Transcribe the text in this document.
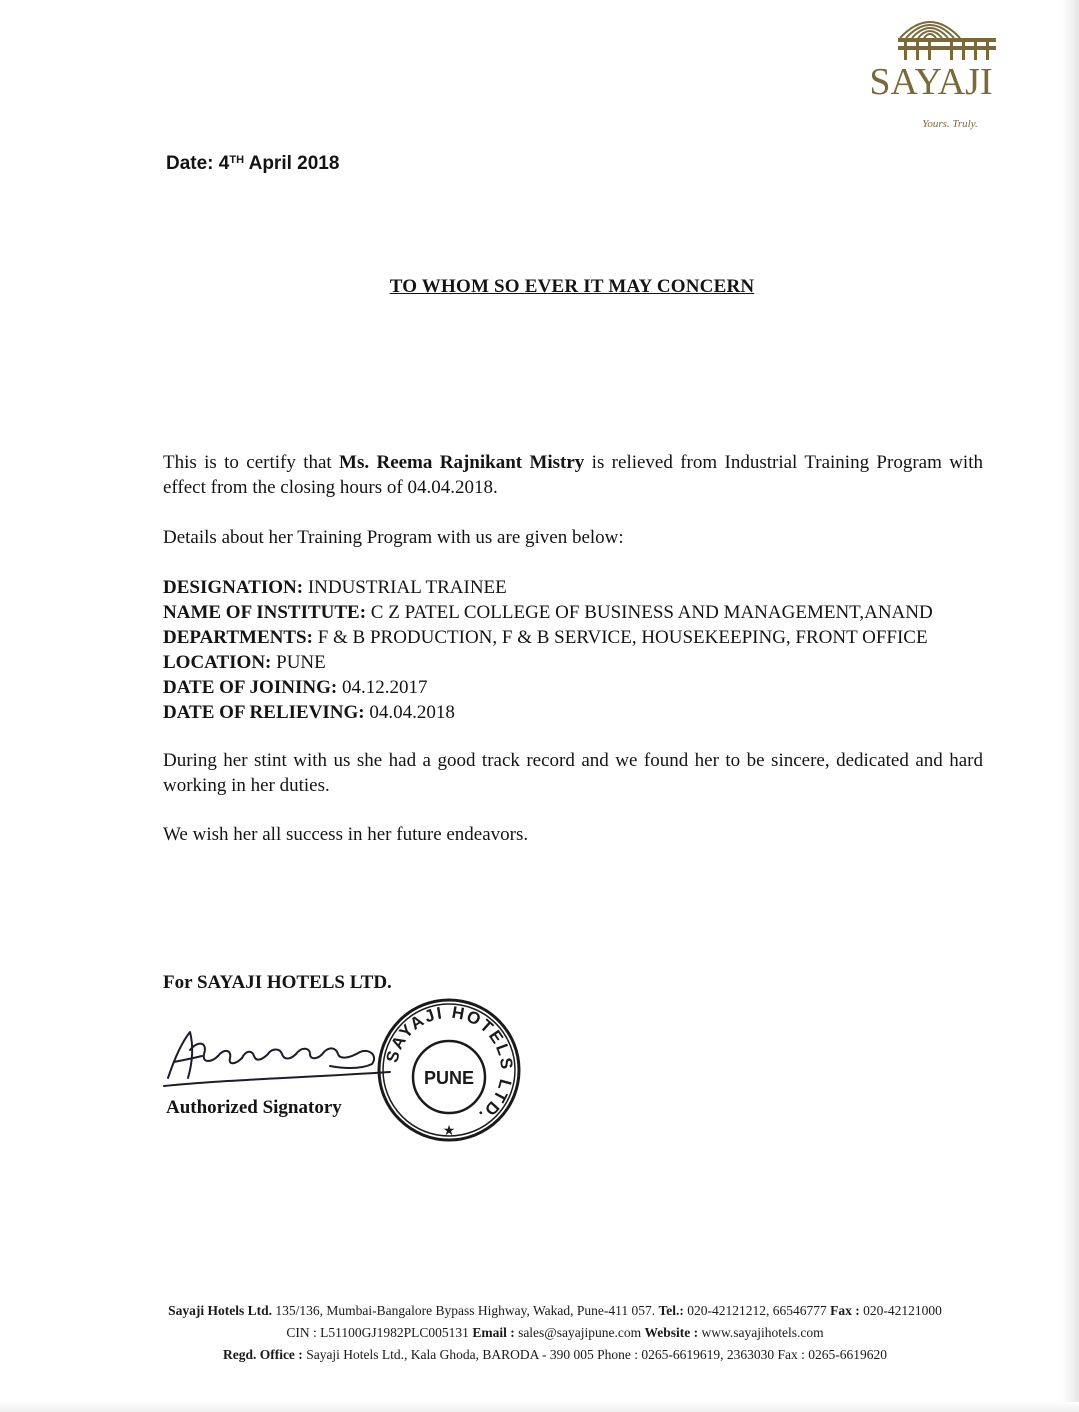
SAYAJI
Yours. Truly.
Date: 4TH April 2018
TO WHOM SO EVER IT MAY CONCERN
This is to certify that Ms. Reema Rajnikant Mistry is relieved from Industrial Training Program with effect from the closing hours of 04.04.2018.
Details about her Training Program with us are given below:
DESIGNATION: INDUSTRIAL TRAINEE
NAME OF INSTITUTE: C Z PATEL COLLEGE OF BUSINESS AND MANAGEMENT,ANAND
DEPARTMENTS: F & B PRODUCTION, F & B SERVICE, HOUSEKEEPING, FRONT OFFICE
LOCATION: PUNE
DATE OF JOINING: 04.12.2017
DATE OF RELIEVING: 04.04.2018
During her stint with us she had a good track record and we found her to be sincere, dedicated and hard working in her duties.
We wish her all success in her future endeavors.
For SAYAJI HOTELS LTD.
Authorized Signatory
SAYAJI HOTELS LTD.
PUNE
★
Sayaji Hotels Ltd. 135/136, Mumbai-Bangalore Bypass Highway, Wakad, Pune-411 057. Tel.: 020-42121212, 66546777 Fax : 020-42121000
CIN : L51100GJ1982PLC005131 Email : sales@sayajipune.com Website : www.sayajihotels.com
Regd. Office : Sayaji Hotels Ltd., Kala Ghoda, BARODA - 390 005 Phone : 0265-6619619, 2363030 Fax : 0265-6619620
